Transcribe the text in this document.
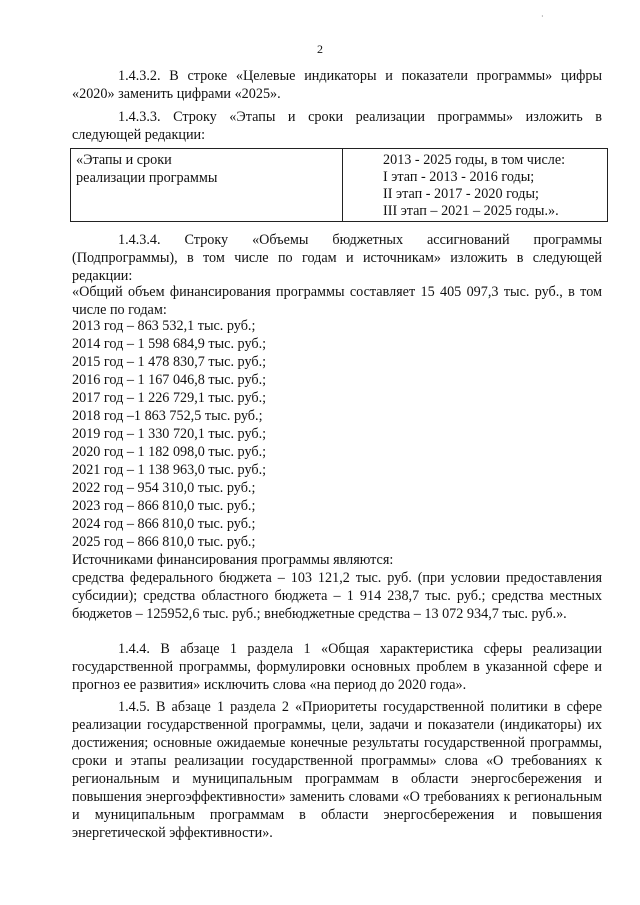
·
2
1.4.3.2. В строке «Целевые индикаторы и показатели программы» цифры «2020» заменить цифрами «2025».
1.4.3.3. Строку «Этапы и сроки реализации программы» изложить в следующей редакции:
«Этапы и сроки
реализации программы
2013 - 2025 годы, в том числе:
I этап - 2013 - 2016 годы;
II этап - 2017 - 2020 годы;
III этап – 2021 – 2025 годы.».
1.4.3.4. Строку «Объемы бюджетных ассигнований программы (Подпрограммы), в том числе по годам и источникам» изложить в следующей редакции:
«Общий объем финансирования программы составляет 15 405 097,3 тыс. руб., в том числе по годам:
2013 год – 863 532,1 тыс. руб.;
2014 год – 1 598 684,9 тыс. руб.;
2015 год – 1 478 830,7 тыс. руб.;
2016 год – 1 167 046,8 тыс. руб.;
2017 год – 1 226 729,1 тыс. руб.;
2018 год –1 863 752,5 тыс. руб.;
2019 год – 1 330 720,1 тыс. руб.;
2020 год – 1 182 098,0 тыс. руб.;
2021 год – 1 138 963,0 тыс. руб.;
2022 год – 954 310,0 тыс. руб.;
2023 год – 866 810,0 тыс. руб.;
2024 год – 866 810,0 тыс. руб.;
2025 год – 866 810,0 тыс. руб.;
Источниками финансирования программы являются:
средства федерального бюджета – 103 121,2 тыс. руб. (при условии предоставления субсидии); средства областного бюджета – 1 914 238,7 тыс. руб.; средства местных бюджетов – 125952,6 тыс. руб.; внебюджетные средства – 13 072 934,7 тыс. руб.».
1.4.4. В абзаце 1 раздела 1 «Общая характеристика сферы реализации государственной программы, формулировки основных проблем в указанной сфере и прогноз ее развития» исключить слова «на период до 2020 года».
1.4.5. В абзаце 1 раздела 2 «Приоритеты государственной политики в сфере реализации государственной программы, цели, задачи и показатели (индикаторы) их достижения; основные ожидаемые конечные результаты государственной программы, сроки и этапы реализации государственной программы» слова «О требованиях к региональным и муниципальным программам в области энергосбережения и повышения энергоэффективности» заменить словами «О требованиях к региональным и муниципальным программам в области энергосбережения и повышения энергетической эффективности».
